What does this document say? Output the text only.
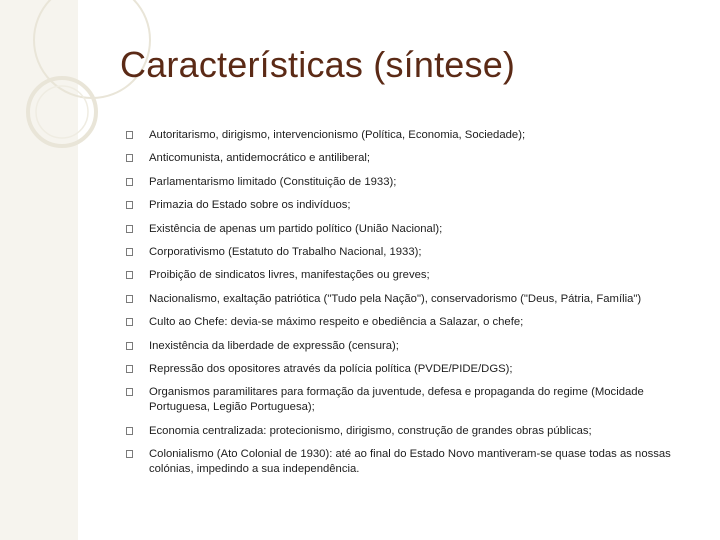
Características (síntese)
Autoritarismo, dirigismo, intervencionismo (Política, Economia, Sociedade);
Anticomunista, antidemocrático e antiliberal;
Parlamentarismo limitado (Constituição de 1933);
Primazia do Estado sobre os indivíduos;
Existência de apenas um partido político (União Nacional);
Corporativismo (Estatuto do Trabalho Nacional, 1933);
Proibição de sindicatos livres, manifestações ou greves;
Nacionalismo, exaltação patriótica ("Tudo pela Nação"), conservadorismo ("Deus, Pátria, Família")
Culto ao Chefe: devia-se máximo respeito e obediência a Salazar, o chefe;
Inexistência da liberdade de expressão (censura);
Repressão dos opositores através da polícia política (PVDE/PIDE/DGS);
Organismos paramilitares para formação da juventude, defesa e propaganda do regime (Mocidade Portuguesa, Legião Portuguesa);
Economia centralizada: protecionismo, dirigismo, construção de grandes obras públicas;
Colonialismo (Ato Colonial de 1930): até ao final do Estado Novo mantiveram-se quase todas as nossas colónias, impedindo a sua independência.
